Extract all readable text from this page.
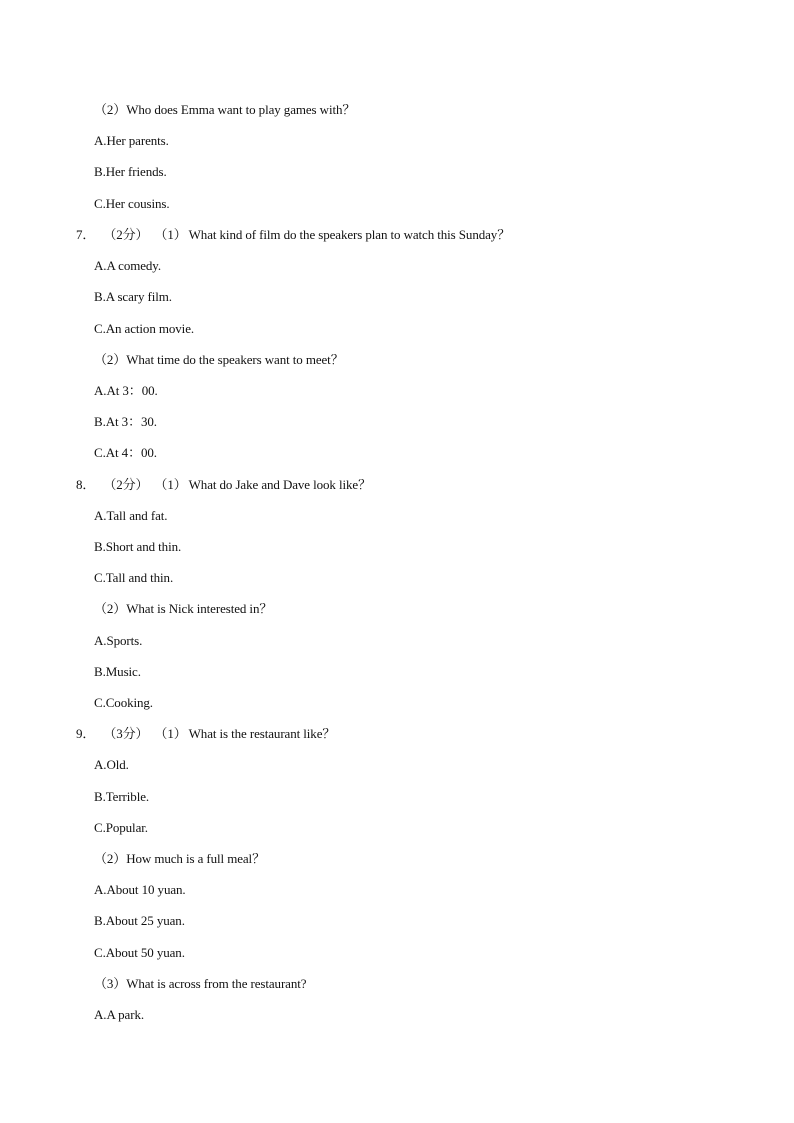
（2）Who does Emma want to play games with？
A.Her parents.
B.Her friends.
C.Her cousins.
7． （2分） （1） What kind of film do the speakers plan to watch this Sunday？
A.A comedy.
B.A scary film.
C.An action movie.
（2）What time do the speakers want to meet？
A.At 3：00.
B.At 3：30.
C.At 4：00.
8． （2分） （1） What do Jake and Dave look like？
A.Tall and fat.
B.Short and thin.
C.Tall and thin.
（2）What is Nick interested in？
A.Sports.
B.Music.
C.Cooking.
9． （3分） （1） What is the restaurant like？
A.Old.
B.Terrible.
C.Popular.
（2）How much is a full meal？
A.About 10 yuan.
B.About 25 yuan.
C.About 50 yuan.
（3）What is across from the restaurant?
A.A park.
